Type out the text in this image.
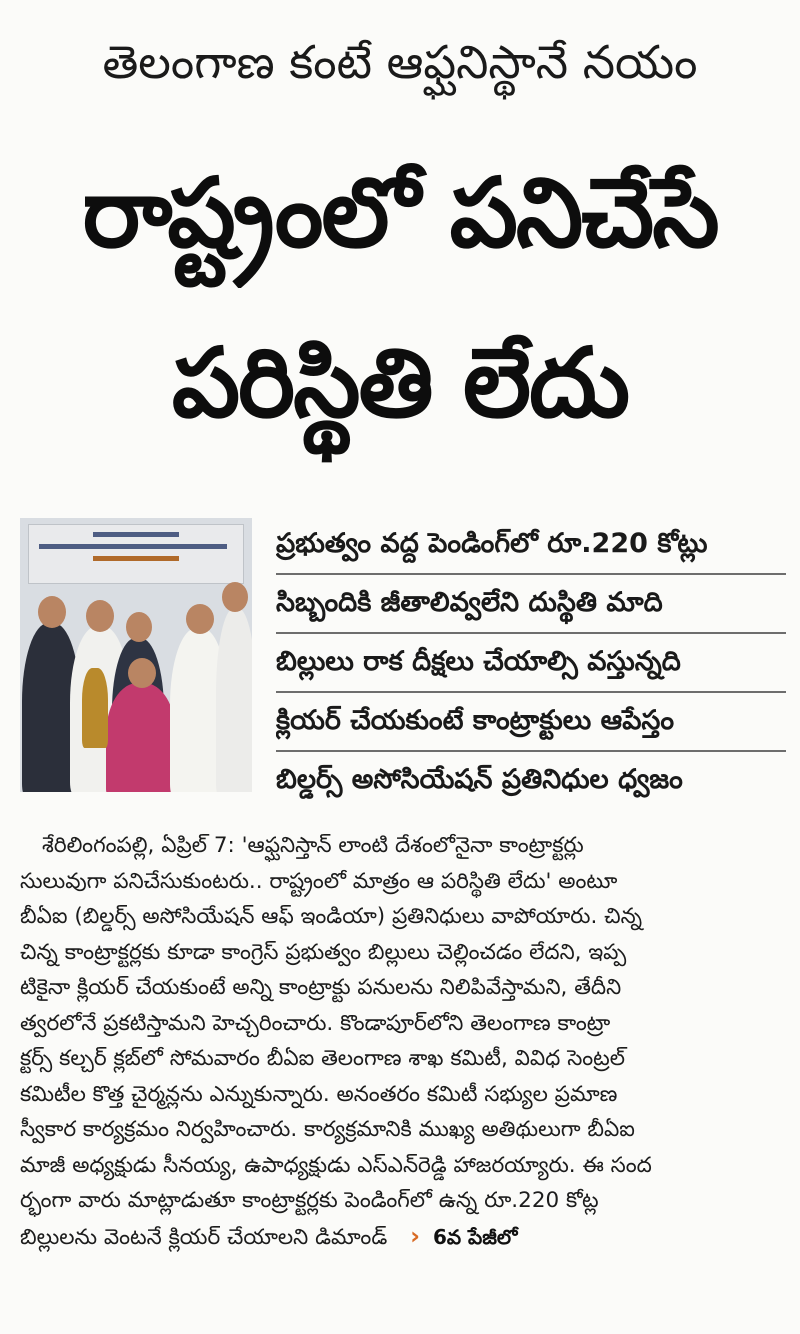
తెలంగాణ కంటే ఆఫ్ఘనిస్థానే నయం
రాష్ట్రంలో పనిచేసే
పరిస్థితి లేదు
ప్రభుత్వం వద్ద పెండింగ్‌లో రూ.220 కోట్లు
సిబ్బందికి జీతాలివ్వలేని దుస్థితి మాది
బిల్లులు రాక దీక్షలు చేయాల్సి వస్తున్నది
క్లియర్ చేయకుంటే కాంట్రాక్టులు ఆపేస్తం
బిల్డర్స్ అసోసియేషన్ ప్రతినిధుల ధ్వజం
శేరిలింగంపల్లి, ఏప్రిల్ 7: 'ఆఫ్ఘనిస్తాన్ లాంటి దేశంలోనైనా కాంట్రాక్టర్లు
సులువుగా పనిచేసుకుంటరు.. రాష్ట్రంలో మాత్రం ఆ పరిస్థితి లేదు' అంటూ
బీఏఐ (బిల్డర్స్ అసోసియేషన్ ఆఫ్ ఇండియా) ప్రతినిధులు వాపోయారు. చిన్న
చిన్న కాంట్రాక్టర్లకు కూడా కాంగ్రెస్ ప్రభుత్వం బిల్లులు చెల్లించడం లేదని, ఇప్ప
టికైనా క్లియర్ చేయకుంటే అన్ని కాంట్రాక్టు పనులను నిలిపివేస్తామని, తేదీని
త్వరలోనే ప్రకటిస్తామని హెచ్చరించారు. కొండాపూర్‌లోని తెలంగాణ కాంట్రా
క్టర్స్ కల్చర్ క్లబ్‌లో సోమవారం బీఏఐ తెలంగాణ శాఖ కమిటీ, వివిధ సెంట్రల్
కమిటీల కొత్త చైర్మన్లను ఎన్నుకున్నారు. అనంతరం కమిటీ సభ్యుల ప్రమాణ
స్వీకార కార్యక్రమం నిర్వహించారు. కార్యక్రమానికి ముఖ్య అతిథులుగా బీఏఐ
మాజీ అధ్యక్షుడు సీనయ్య, ఉపాధ్యక్షుడు ఎస్ఎన్‌రెడ్డి హాజరయ్యారు. ఈ సంద
ర్భంగా వారు మాట్లాడుతూ కాంట్రాక్టర్లకు పెండింగ్‌లో ఉన్న రూ.220 కోట్ల
బిల్లులను వెంటనే క్లియర్ చేయాలని డిమాండ్ › 6వ పేజీలో
